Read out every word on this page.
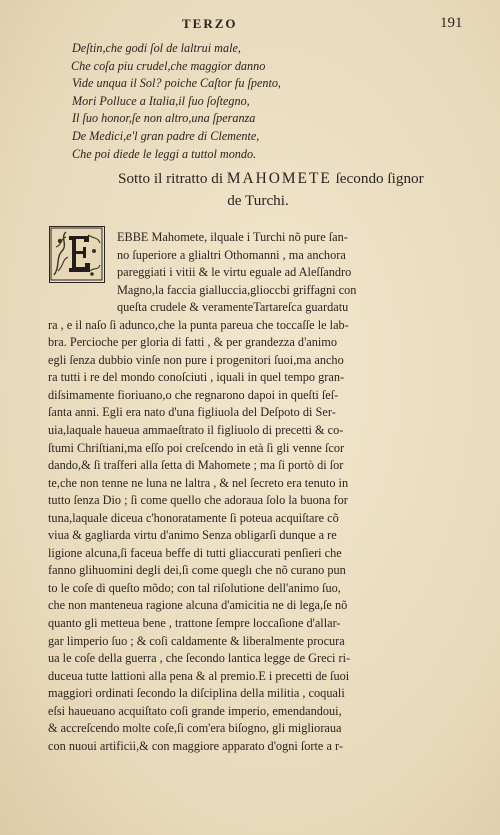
TERZO	191
Deſtin,che godi ſol de laltrui male,
Che coſa piu crudel,che maggior danno
Vide unqua il Sol? poiche Caſtor fu ſpento,
Mori Polluce a Italia,il ſuo ſoſtegno,
Il ſuo honor,ſe non altro,una ſperanza
De Medici,e'l gran padre di Clemente,
Che poi diede le leggi a tuttol mondo.
Sotto il ritratto di MAHOMETE ſecondo ſignor
de Turchi.
EBBE Mahomete, ilquale i Turchi nõ pure ſan-
no ſuperiore a glialtri Othomanni , ma anchora
pareggiati i vitii & le virtu eguale ad Aleſſandro
Magno,la faccia giallucciа,glioccbi griffagni con
queſta crudele & veramenteTartareſca guardatu
ra , e il naſo ſi adunco,che la punta pareua che toccaſſe le lab-
bra. Percioche per gloria di fatti , & per grandezza d'animo
egli ſenza dubbio vinſe non pure i progenitori ſuoi,ma ancho
ra tutti i re del mondo conoſciuti , iquali in quel tempo gran-
diſsimamente fioriuano,o che regnarono dapoi in queſti ſeſ-
ſanta anni. Egli era nato d'una figliuola del Deſpoto di Ser-
uia,laquale haueua ammaeſtrato il figliuolo di precetti & co-
ſtumi Chriſtiani,ma eſſo poi creſcendo in età ſi gli venne ſcor
dando,& ſi traſferi alla ſetta di Mahomete ; ma ſi portò di ſor
te,che non tenne ne luna ne laltra , & nel ſecreto era tenuto in
tutto ſenza Dio ; ſi come quello che adoraua ſolo la buona for
tuna,laquale diceua c'honoratamente ſi poteua acquiſtare cõ
viua & gagliarda virtu d'animo Senza obligarſi dunque a re
ligione alcuna,ſi faceua beffe di tutti gliaccurati penſieri che
fanno glihuomini degli dei,ſi come queglı che nõ curano pun
to le coſe di queſto mõdo; con tal riſolutione dell'animo ſuo,
che non manteneua ragione alcuna d'amicitia ne di lega,ſe nõ
quanto gli metteua bene , trattone ſempre loccaſione d'allar-
gar limperio ſuo ; & coſi caldamente & liberalmente procura
ua le coſe della guerra , che ſecondo lantica legge de Greci ri-
duceua tutte lattioni alla pena & al premio.E i precetti de ſuoi
maggiori ordinati ſecondo la diſciplina della militia , coquali
eſsi haueuano acquiſtato coſi grande imperio, emendandoui,
& accreſcendo molte coſe,ſi com'era biſogno, gli miglioraua
con nuoui artificii,& con maggiore apparato d'ogni ſorte a r-
